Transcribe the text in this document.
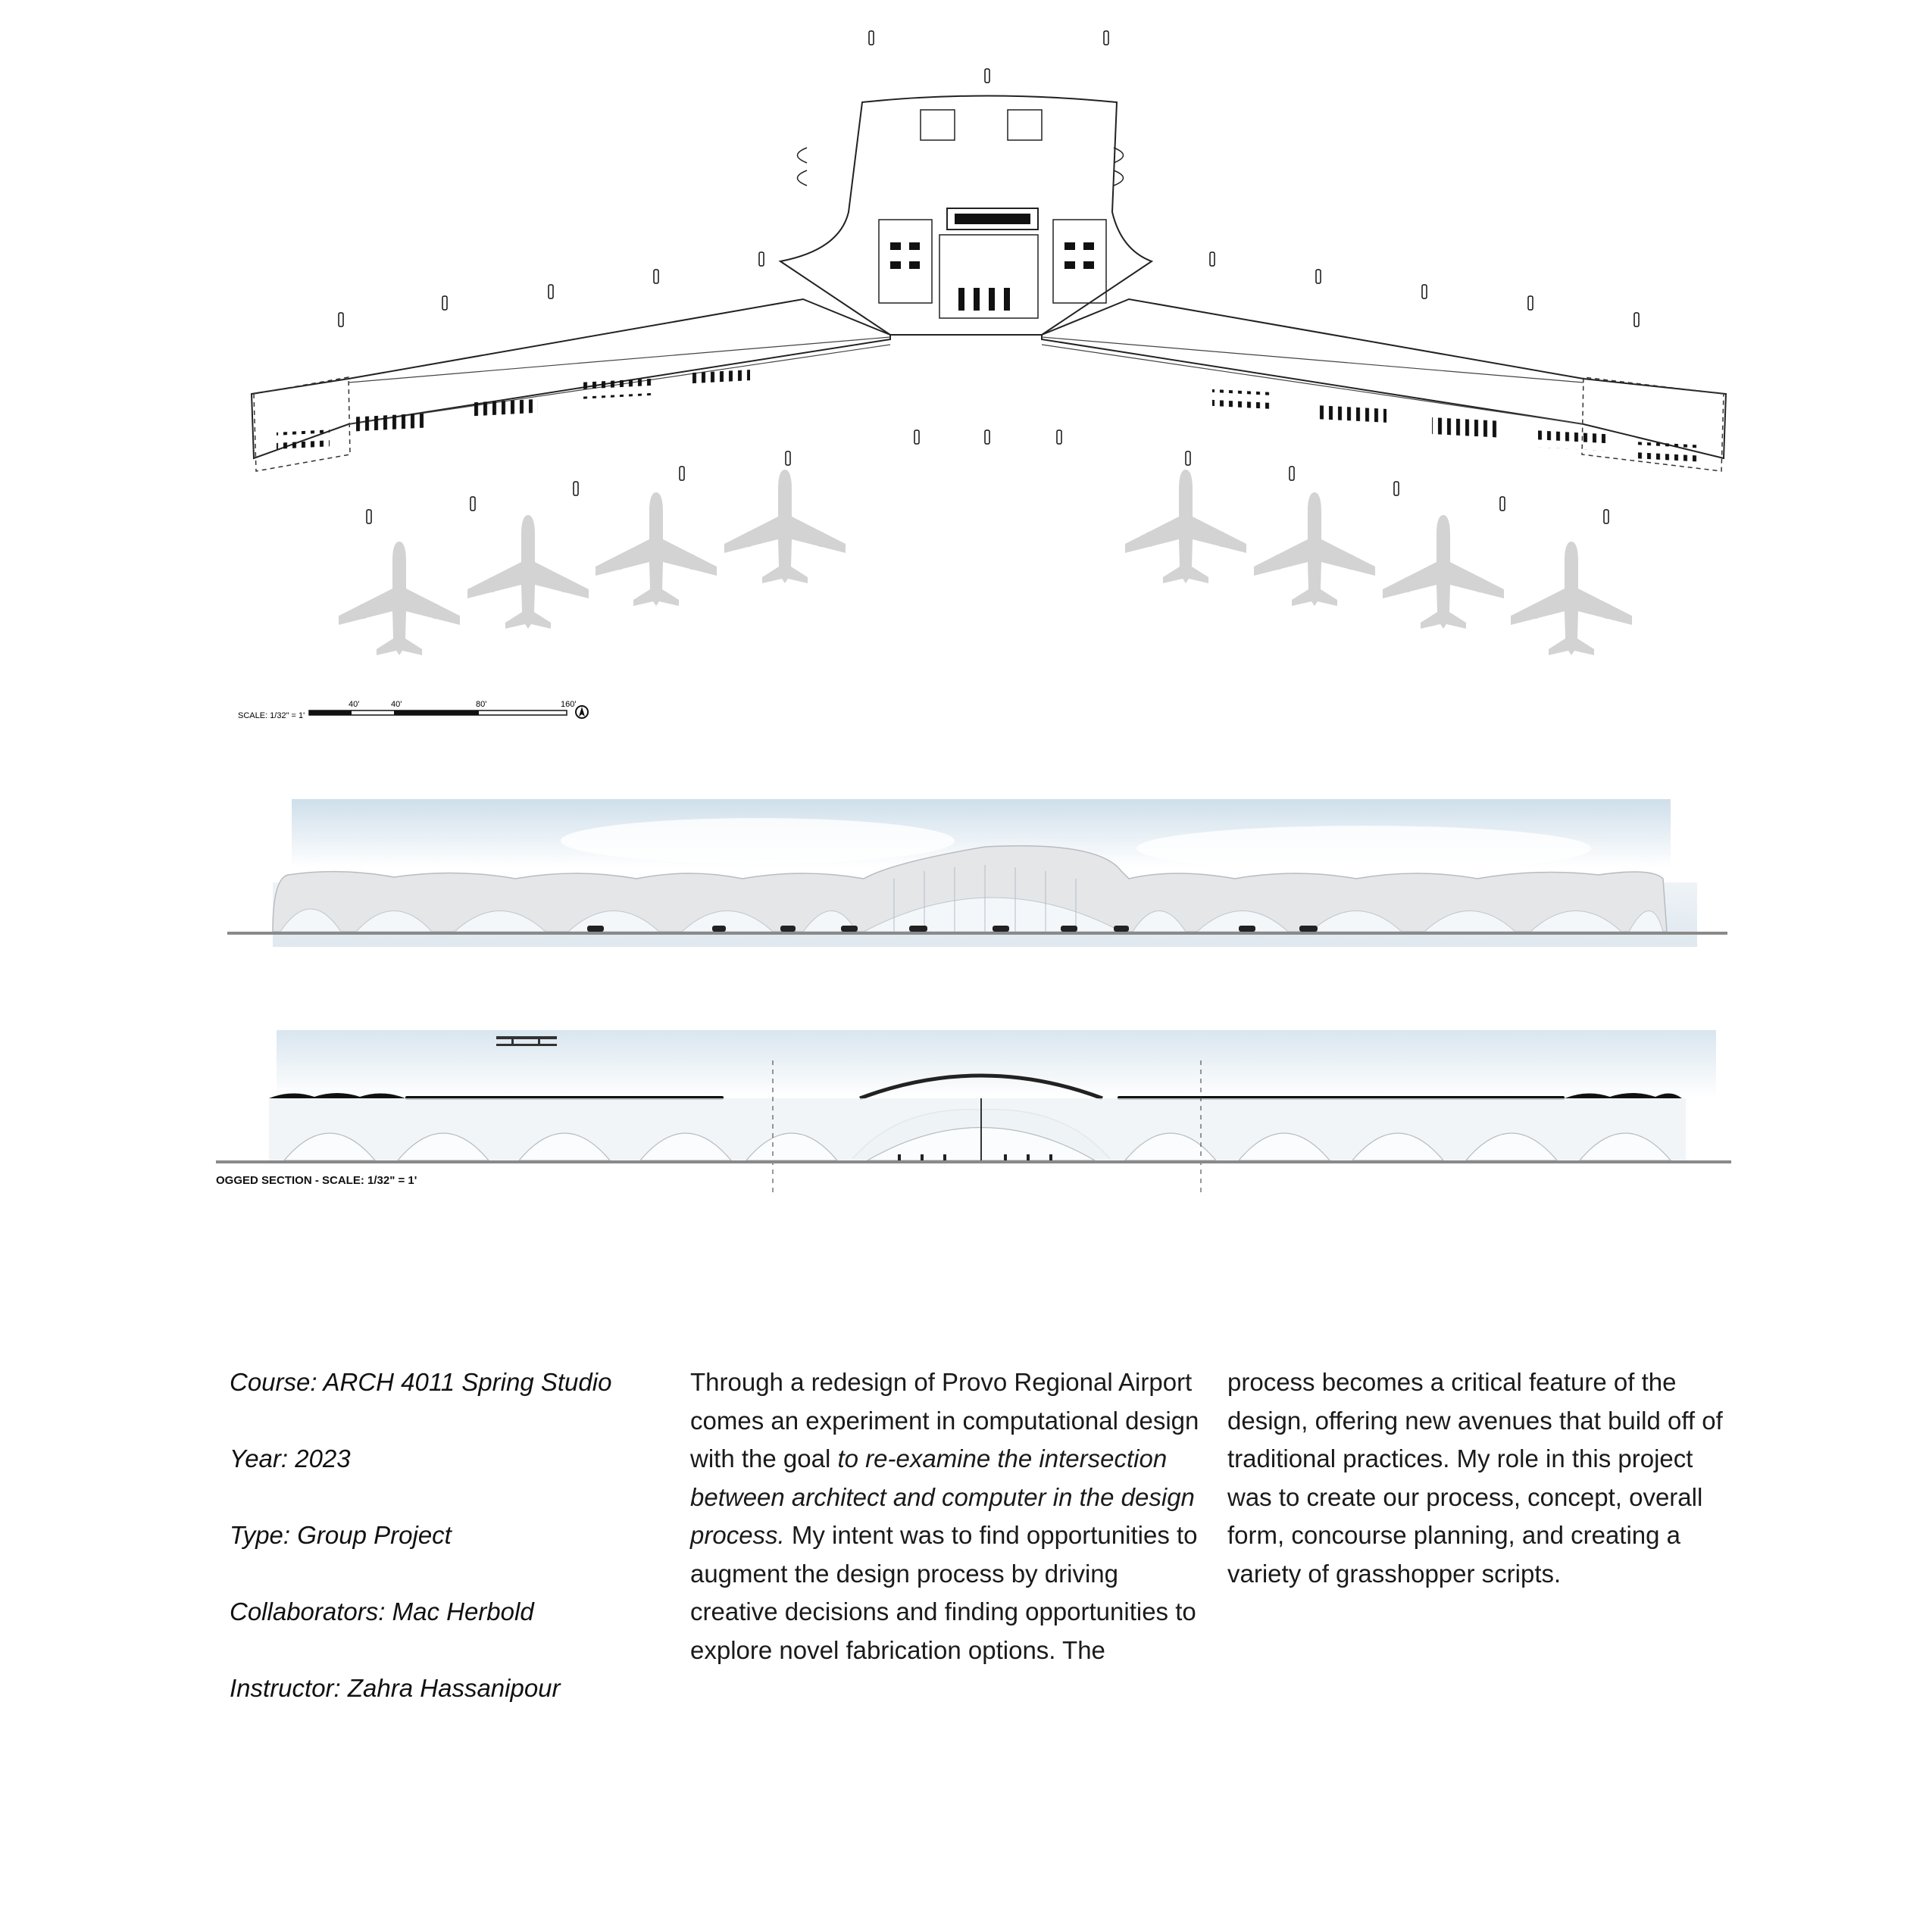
SCALE: 1/32" = 1'
40'	40'	80'	160'
OGGED SECTION - SCALE: 1/32" = 1'
Course: ARCH 4011 Spring Studio
Year: 2023
Type: Group Project
Collaborators: Mac Herbold
Instructor: Zahra Hassanipour
Through a redesign of Provo Regional Airport comes an experiment in computational design with the goal to re-examine the intersection between architect and computer in the design process. My intent was to find opportunities to augment the design process by driving creative decisions and finding opportunities to explore novel fabrication options. The
process becomes a critical feature of the design, offering new avenues that build off of traditional practices. My role in this project was to create our process, concept, overall form, concourse planning, and creating a variety of grasshopper scripts.
